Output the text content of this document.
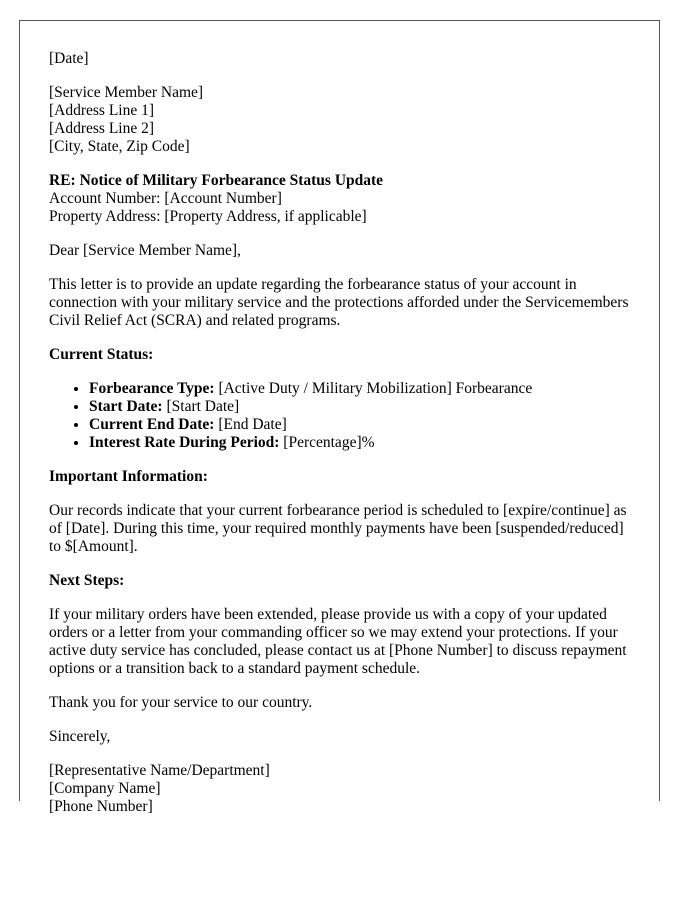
[Date]

[Service Member Name]
[Address Line 1]
[Address Line 2]
[City, State, Zip Code]
RE: Notice of Military Forbearance Status Update
Account Number: [Account Number]
Property Address: [Property Address, if applicable]

Dear [Service Member Name],

This letter is to provide an update regarding the forbearance status of your account in connection with your military service and the protections afforded under the Servicemembers Civil Relief Act (SCRA) and related programs.

Current Status:
• Forbearance Type: [Active Duty / Military Mobilization] Forbearance
• Start Date: [Start Date]
• Current End Date: [End Date]
• Interest Rate During Period: [Percentage]%
Important Information:

Our records indicate that your current forbearance period is scheduled to [expire/continue] as of [Date]. During this time, your required monthly payments have been [suspended/reduced] to $[Amount].

Next Steps:

If your military orders have been extended, please provide us with a copy of your updated orders or a letter from your commanding officer so we may extend your protections. If your active duty service has concluded, please contact us at [Phone Number] to discuss repayment options or a transition back to a standard payment schedule.

Thank you for your service to our country.

Sincerely,

[Representative Name/Department]
[Company Name]
[Phone Number]
